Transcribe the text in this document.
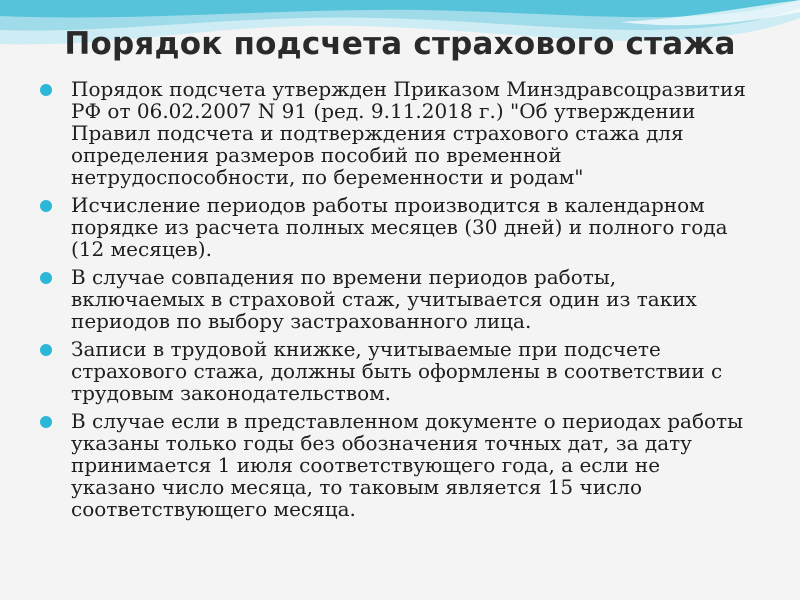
Порядок подсчета страхового стажа
Порядок подсчета утвержден Приказом Минздравсоцразвития РФ от 06.02.2007 N 91 (ред. 9.11.2018 г.) "Об утверждении Правил подсчета и подтверждения страхового стажа для определения размеров пособий по временной нетрудоспособности, по беременности и родам"
Исчисление периодов работы производится в календарном порядке из расчета полных месяцев (30 дней) и полного года (12 месяцев).
В случае совпадения по времени периодов работы, включаемых в страховой стаж, учитывается один из таких периодов по выбору застрахованного лица.
Записи в трудовой книжке, учитываемые при подсчете страхового стажа, должны быть оформлены в соответствии с трудовым законодательством.
В случае если в представленном документе о периодах работы указаны только годы без обозначения точных дат, за дату принимается 1 июля соответствующего года, а если не указано число месяца, то таковым является 15 число соответствующего месяца.
